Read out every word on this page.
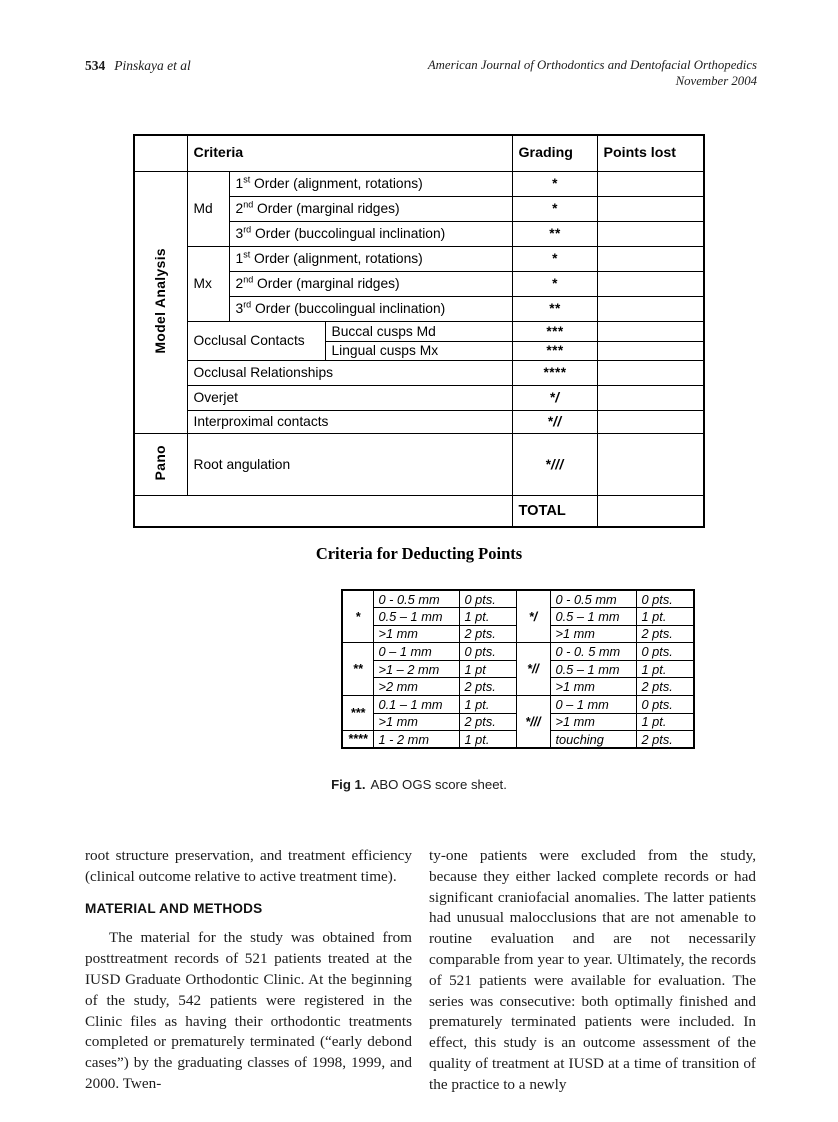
534 Pinskaya et al	American Journal of Orthodontics and Dentofacial Orthopedics
November 2004
	Criteria			Grading	Points lost
Model Analysis	Md	1st Order (alignment, rotations)		*	
		2nd Order (marginal ridges)		*	
		3rd Order (buccolingual inclination)		**	
	Mx	1st Order (alignment, rotations)		*	
		2nd Order (marginal ridges)		*	
		3rd Order (buccolingual inclination)		**	
	Occlusal Contacts		Buccal cusps Md	***	
			Lingual cusps Mx	***	
	Occlusal Relationships			****	
	Overjet			*/	
	Interproximal contacts			*//	
Pano	Root angulation			*///	
				TOTAL	
Criteria for Deducting Points
*	0 - 0.5 mm	0 pts.	*/	0 - 0.5 mm	0 pts.
	0.5 – 1 mm	1 pt.		0.5 – 1 mm	1 pt.
	>1 mm	2 pts.		>1 mm	2 pts.
**	0 – 1 mm	0 pts.	*//	0 - 0. 5 mm	0 pts.
	>1 – 2 mm	1 pt		0.5 – 1 mm	1 pt.
	>2 mm	2 pts.		>1 mm	2 pts.
***	0.1 – 1 mm	1 pt.	*///	0 – 1 mm	0 pts.
	>1 mm	2 pts.		>1 mm	1 pt.
****	1 - 2 mm	1 pt.		touching	2 pts.
Fig 1. ABO OGS score sheet.

root structure preservation, and treatment efficiency (clinical outcome relative to active treatment time).

MATERIAL AND METHODS

The material for the study was obtained from posttreatment records of 521 patients treated at the IUSD Graduate Orthodontic Clinic. At the beginning of the study, 542 patients were registered in the Clinic files as having their orthodontic treatments completed or prematurely terminated (“early debond cases”) by the graduating classes of 1998, 1999, and 2000. Twen-

ty-one patients were excluded from the study, because they either lacked complete records or had significant craniofacial anomalies. The latter patients had unusual malocclusions that are not amenable to routine evaluation and are not necessarily comparable from year to year. Ultimately, the records of 521 patients were available for evaluation. The series was consecutive: both optimally finished and prematurely terminated patients were included. In effect, this study is an outcome assessment of the quality of treatment at IUSD at a time of transition of the practice to a newly
